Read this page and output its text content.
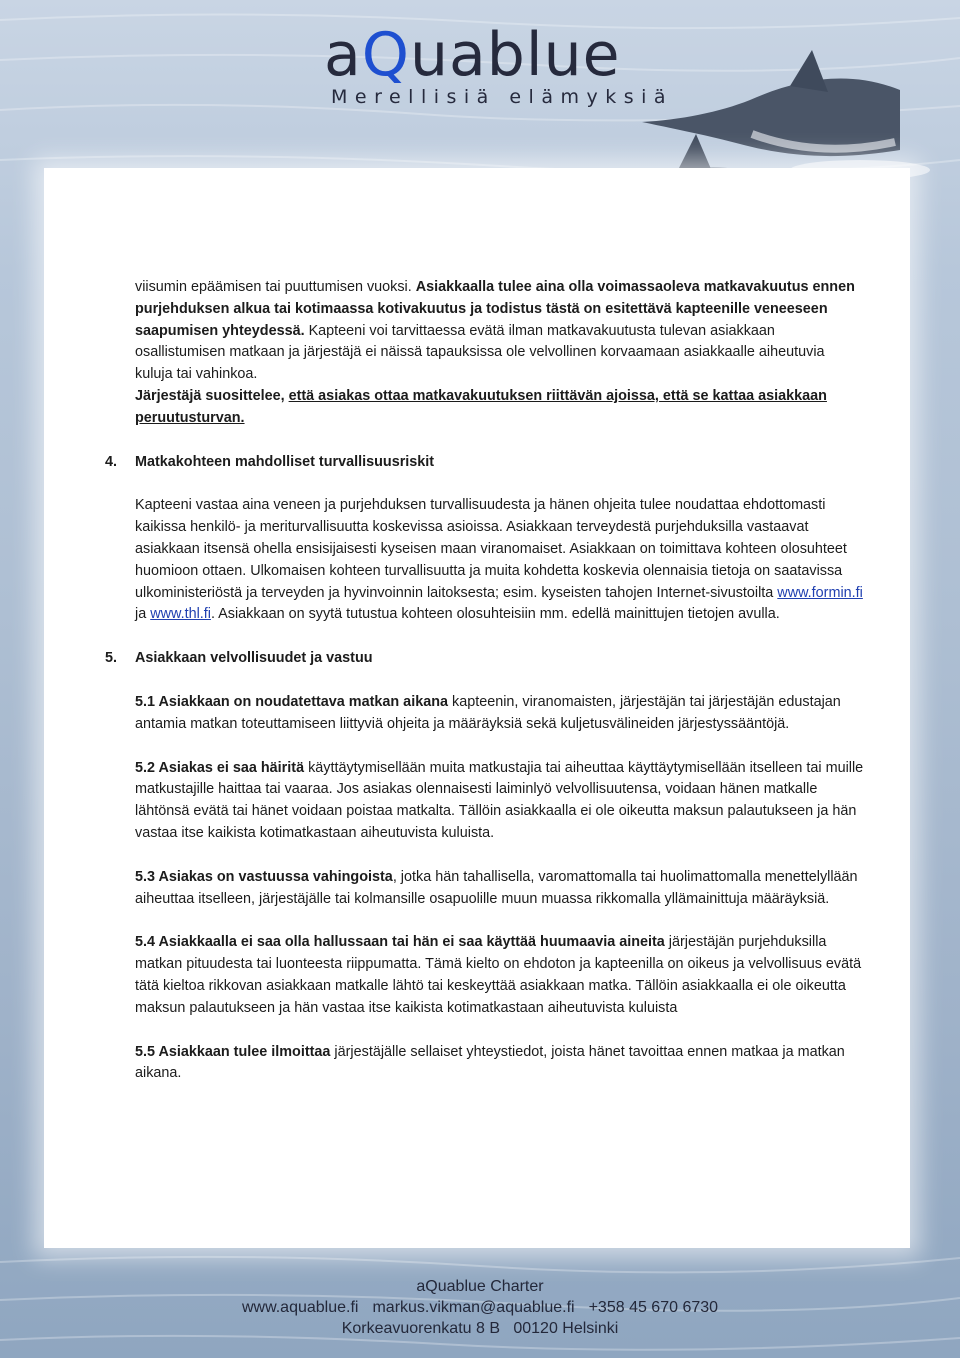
aQuablue
Merellisiä elämyksiä

viisumin epäämisen tai puuttumisen vuoksi. Asiakkaalla tulee aina olla voimassaoleva matkavakuutus ennen purjehduksen alkua tai kotimaassa kotivakuutus ja todistus tästä on esitettävä kapteenille veneeseen saapumisen yhteydessä. Kapteeni voi tarvittaessa evätä ilman matkavakuutusta tulevan asiakkaan osallistumisen matkaan ja järjestäjä ei näissä tapauksissa ole velvollinen korvaamaan asiakkaalle aiheutuvia kuluja tai vahinkoa.

Järjestäjä suosittelee, että asiakas ottaa matkavakuutuksen riittävän ajoissa, että se kattaa asiakkaan peruutusturvan.

4. Matkakohteen mahdolliset turvallisuusriskit

Kapteeni vastaa aina veneen ja purjehduksen turvallisuudesta ja hänen ohjeita tulee noudattaa ehdottomasti kaikissa henkilö- ja meriturvallisuutta koskevissa asioissa. Asiakkaan terveydestä purjehduksilla vastaavat asiakkaan itsensä ohella ensisijaisesti kyseisen maan viranomaiset. Asiakkaan on toimittava kohteen olosuhteet huomioon ottaen. Ulkomaisen kohteen turvallisuutta ja muita kohdetta koskevia olennaisia tietoja on saatavissa ulkoministeriöstä ja terveyden ja hyvinvoinnin laitoksesta; esim. kyseisten tahojen Internet-sivustoilta www.formin.fi ja www.thl.fi. Asiakkaan on syytä tutustua kohteen olosuhteisiin mm. edellä mainittujen tietojen avulla.

5. Asiakkaan velvollisuudet ja vastuu

5.1 Asiakkaan on noudatettava matkan aikana kapteenin, viranomaisten, järjestäjän tai järjestäjän edustajan antamia matkan toteuttamiseen liittyviä ohjeita ja määräyksiä sekä kuljetusvälineiden järjestyssääntöjä.

5.2 Asiakas ei saa häiritä käyttäytymisellään muita matkustajia tai aiheuttaa käyttäytymisellään itselleen tai muille matkustajille haittaa tai vaaraa. Jos asiakas olennaisesti laiminlyö velvollisuutensa, voidaan hänen matkalle lähtönsä evätä tai hänet voidaan poistaa matkalta. Tällöin asiakkaalla ei ole oikeutta maksun palautukseen ja hän vastaa itse kaikista kotimatkastaan aiheutuvista kuluista.

5.3 Asiakas on vastuussa vahingoista, jotka hän tahallisella, varomattomalla tai huolimattomalla menettelyllään aiheuttaa itselleen, järjestäjälle tai kolmansille osapuolille muun muassa rikkomalla yllämainittuja määräyksiä.

5.4 Asiakkaalla ei saa olla hallussaan tai hän ei saa käyttää huumaavia aineita järjestäjän purjehduksilla matkan pituudesta tai luonteesta riippumatta. Tämä kielto on ehdoton ja kapteenilla on oikeus ja velvollisuus evätä tätä kieltoa rikkovan asiakkaan matkalle lähtö tai keskeyttää asiakkaan matka. Tällöin asiakkaalla ei ole oikeutta maksun palautukseen ja hän vastaa itse kaikista kotimatkastaan aiheutuvista kuluista

5.5 Asiakkaan tulee ilmoittaa järjestäjälle sellaiset yhteystiedot, joista hänet tavoittaa ennen matkaa ja matkan aikana.

aQuablue Charter
www.aquablue.fi markus.vikman@aquablue.fi +358 45 670 6730
Korkeavuorenkatu 8 B   00120 Helsinki
